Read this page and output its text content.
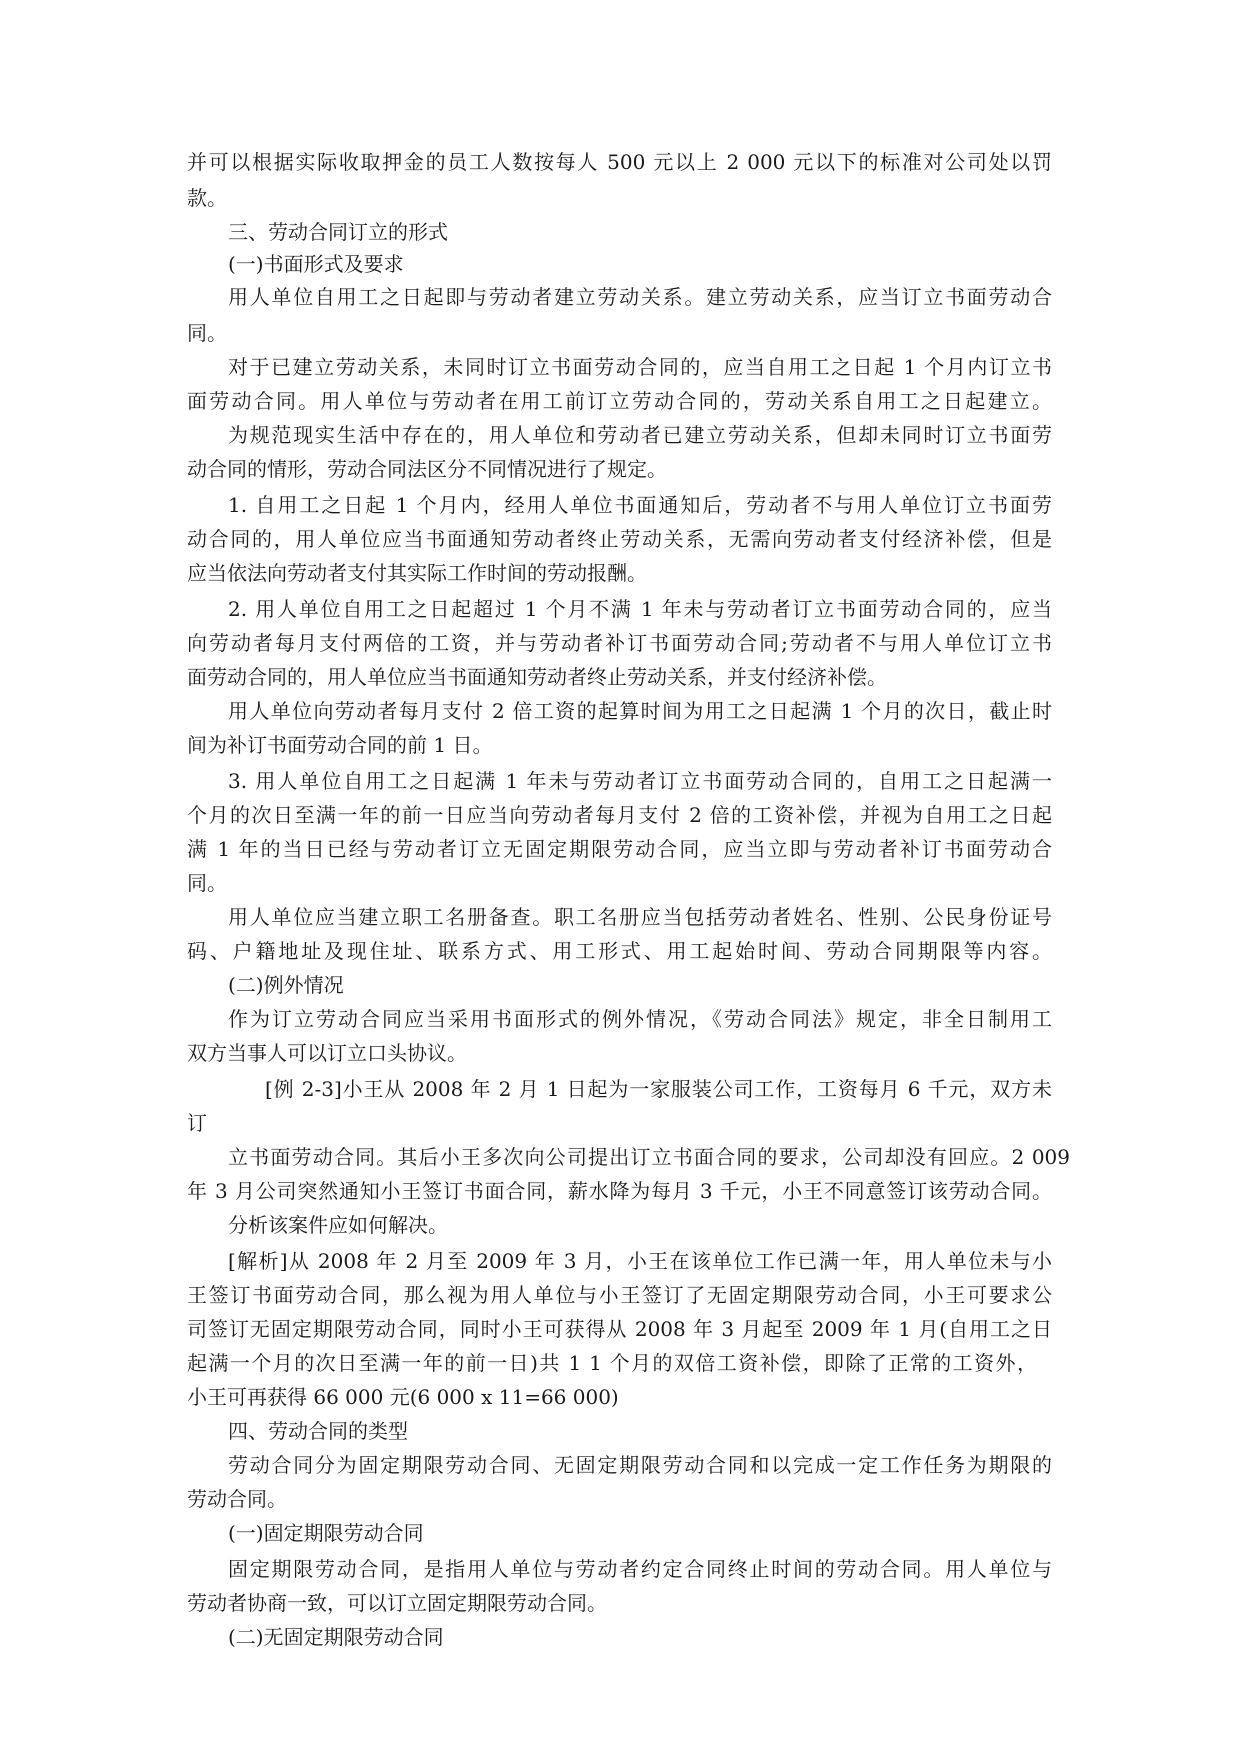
并可以根据实际收取押金的员工人数按每人 500 元以上 2 000 元以下的标准对公司处以罚

款。

三、劳动合同订立的形式

(一)书面形式及要求

用人单位自用工之日起即与劳动者建立劳动关系。建立劳动关系，应当订立书面劳动合

同。

对于已建立劳动关系，未同时订立书面劳动合同的，应当自用工之日起 1 个月内订立书

面劳动合同。用人单位与劳动者在用工前订立劳动合同的，劳动关系自用工之日起建立。

为规范现实生活中存在的，用人单位和劳动者已建立劳动关系，但却未同时订立书面劳

动合同的情形，劳动合同法区分不同情况进行了规定。

1. 自用工之日起 1 个月内，经用人单位书面通知后，劳动者不与用人单位订立书面劳

动合同的，用人单位应当书面通知劳动者终止劳动关系，无需向劳动者支付经济补偿，但是

应当依法向劳动者支付其实际工作时间的劳动报酬。

2. 用人单位自用工之日起超过 1 个月不满 1 年未与劳动者订立书面劳动合同的，应当

向劳动者每月支付两倍的工资，并与劳动者补订书面劳动合同;劳动者不与用人单位订立书

面劳动合同的，用人单位应当书面通知劳动者终止劳动关系，并支付经济补偿。

用人单位向劳动者每月支付 2 倍工资的起算时间为用工之日起满 1 个月的次日，截止时

间为补订书面劳动合同的前 1 日。

3. 用人单位自用工之日起满 1 年未与劳动者订立书面劳动合同的，自用工之日起满一

个月的次日至满一年的前一日应当向劳动者每月支付 2 倍的工资补偿，并视为自用工之日起

满 1 年的当日已经与劳动者订立无固定期限劳动合同，应当立即与劳动者补订书面劳动合

同。

用人单位应当建立职工名册备查。职工名册应当包括劳动者姓名、性别、公民身份证号

码、户籍地址及现住址、联系方式、用工形式、用工起始时间、劳动合同期限等内容。

(二)例外情况

作为订立劳动合同应当采用书面形式的例外情况，《劳动合同法》规定，非全日制用工

双方当事人可以订立口头协议。

[例 2-3]小王从 2008 年 2 月 1 日起为一家服装公司工作，工资每月 6 千元，双方未

订

立书面劳动合同。其后小王多次向公司提出订立书面合同的要求，公司却没有回应。2 009

年 3 月公司突然通知小王签订书面合同，薪水降为每月 3 千元，小王不同意签订该劳动合同。

分析该案件应如何解决。

[解析]从 2008 年 2 月至 2009 年 3 月，小王在该单位工作已满一年，用人单位未与小

王签订书面劳动合同，那么视为用人单位与小王签订了无固定期限劳动合同，小王可要求公

司签订无固定期限劳动合同，同时小王可获得从 2008 年 3 月起至 2009 年 1 月(自用工之日

起满一个月的次日至满一年的前一日)共 1 1 个月的双倍工资补偿，即除了正常的工资外，

小王可再获得 66 000 元(6 000 x 11=66 000)

四、劳动合同的类型

劳动合同分为固定期限劳动合同、无固定期限劳动合同和以完成一定工作任务为期限的

劳动合同。

(一)固定期限劳动合同

固定期限劳动合同，是指用人单位与劳动者约定合同终止时间的劳动合同。用人单位与

劳动者协商一致，可以订立固定期限劳动合同。

(二)无固定期限劳动合同
